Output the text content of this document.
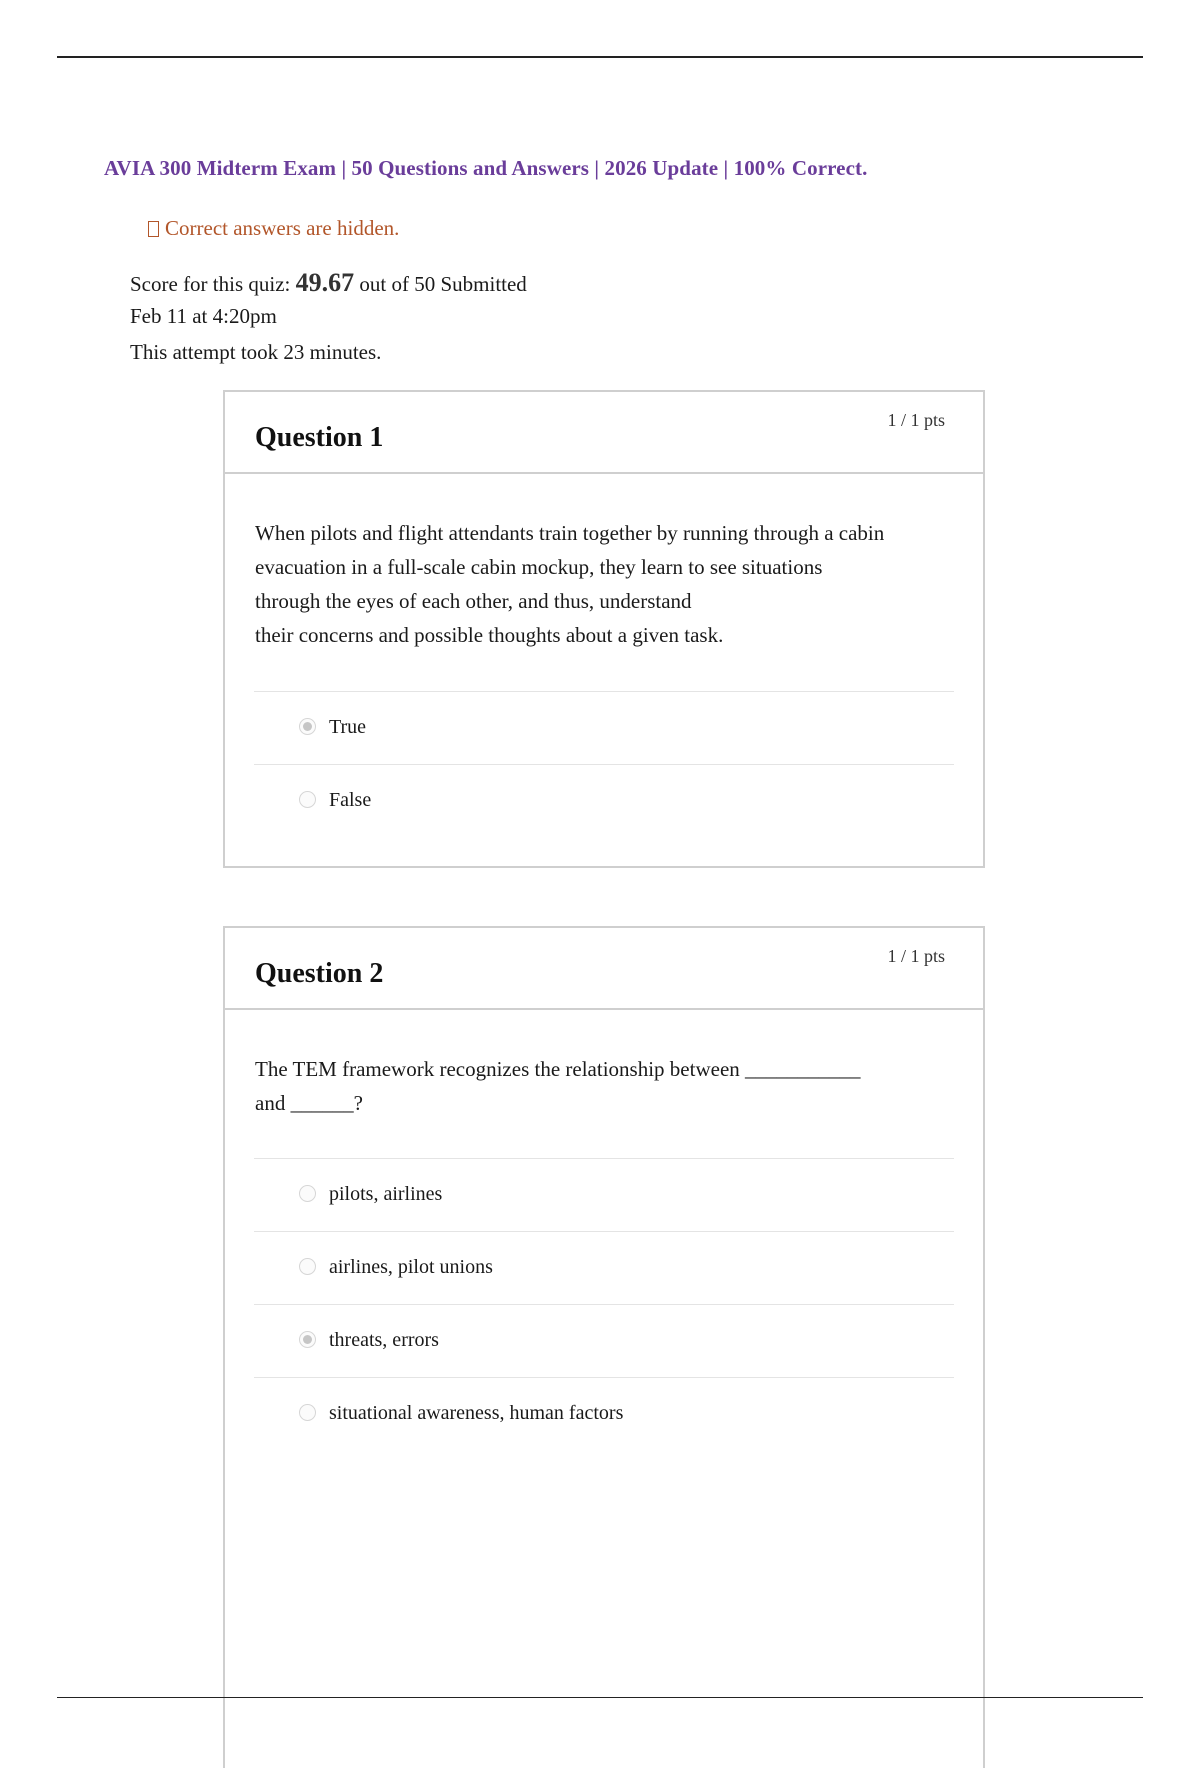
AVIA 300 Midterm Exam | 50 Questions and Answers | 2026 Update | 100% Correct.
Correct answers are hidden.
Score for this quiz: 49.67 out of 50 Submitted
Feb 11 at 4:20pm
This attempt took 23 minutes.
Question 1
1 / 1 pts
When pilots and flight attendants train together by running through a cabin
evacuation in a full-scale cabin mockup, they learn to see situations
through the eyes of each other, and thus, understand
their concerns and possible thoughts about a given task.
True
False
Question 2
1 / 1 pts
The TEM framework recognizes the relationship between ___________
and ______?
pilots, airlines
airlines, pilot unions
threats, errors
situational awareness, human factors
